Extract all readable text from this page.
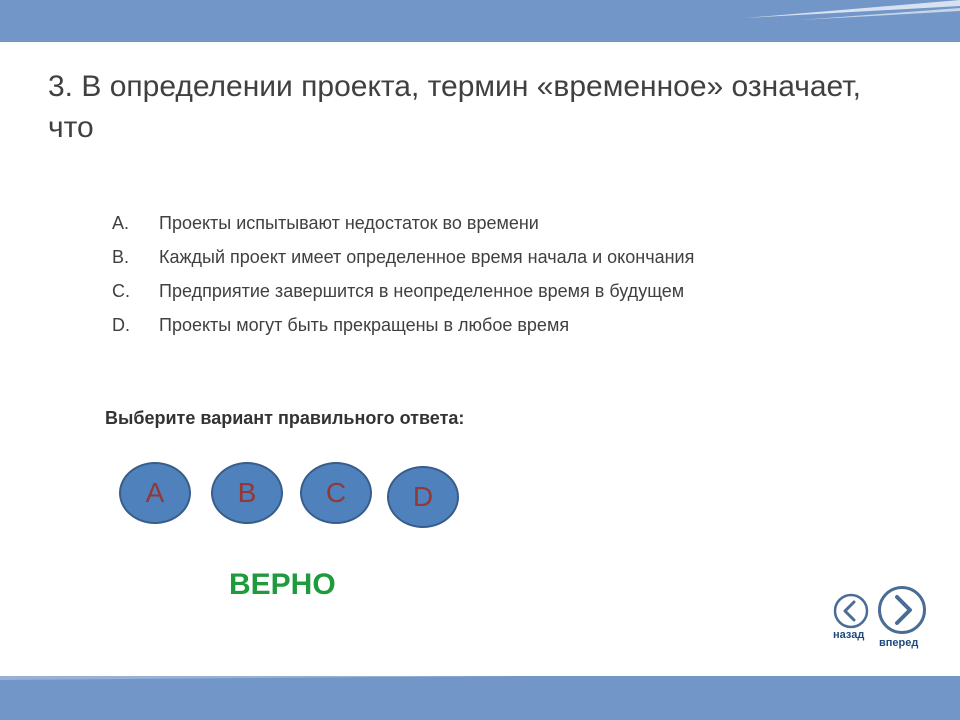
3. В определении проекта, термин «временное» означает, что
A.	Проекты испытывают недостаток во времени
B.	Каждый проект имеет определенное время начала и окончания
C.	Предприятие завершится в неопределенное время в будущем
D.	Проекты могут быть прекращены в любое время

Выберите вариант правильного ответа:

A	B	C	D

ВЕРНО

назад
вперед
